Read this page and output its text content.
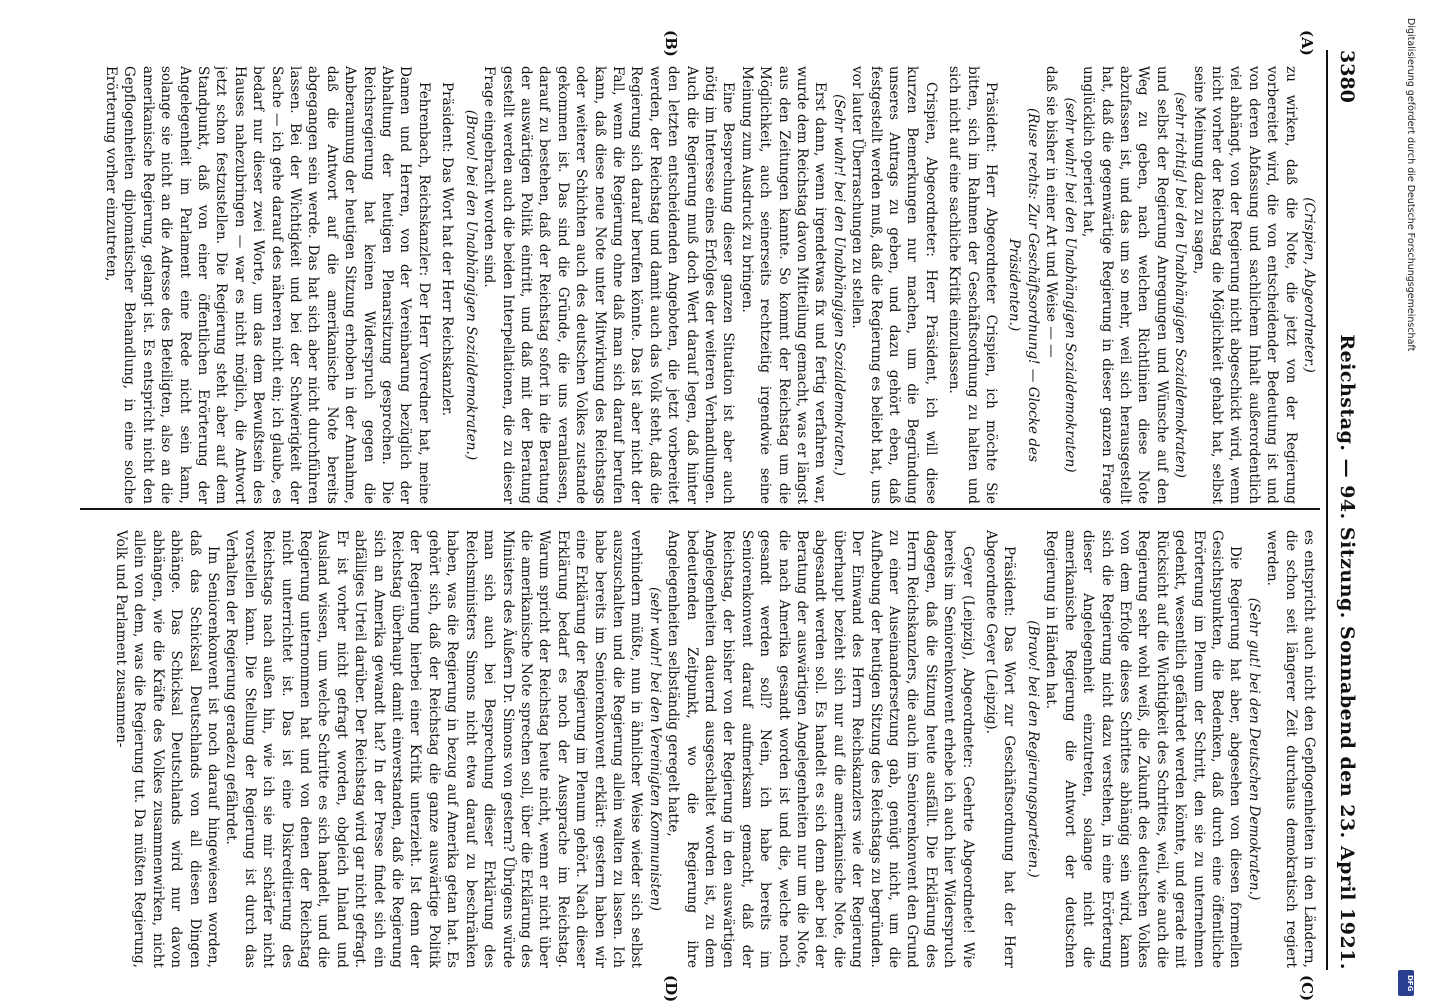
3380
Reichstag. — 94. Sitzung. Sonnabend den 23. April 1921.
(A)
(B)
(C)
(D)

(Crispien, Abgeordneter.)

zu wirken, daß die Note, die jetzt von der Regierung vorbereitet wird, die von entscheidender Bedeutung ist und von deren Abfassung und sachlichem Inhalt außerordentlich viel abhängt, von der Regierung nicht abgeschickt wird, wenn nicht vorher der Reichstag die Möglichkeit gehabt hat, selbst seine Meinung dazu zu sagen,

(sehr richtig! bei den Unabhängigen Sozialdemokraten)

und selbst der Regierung Anregungen und Wünsche auf den Weg zu geben, nach welchen Richtlinien diese Note abzufassen ist, und das um so mehr, weil sich herausgestellt hat, daß die gegenwärtige Regierung in dieser ganzen Frage unglücklich operiert hat,

(sehr wahr! bei den Unabhängigen Sozialdemokraten)

daß sie bisher in einer Art und Weise — —

(Ruse rechts: Zur Geschäftsordnung! — Glocke des Präsidenten.)

Präsident: Herr Abgeordneter Crispien, ich möchte Sie bitten, sich im Rahmen der Geschäftsordnung zu halten und sich nicht auf eine sachliche Kritik einzulassen.

Crispien, Abgeordneter: Herr Präsident, ich will diese kurzen Bemerkungen nur machen, um die Begründung unseres Antrags zu geben, und dazu gehört eben, daß festgestellt werden muß, daß die Regierung es beliebt hat, uns vor lauter Überraschungen zu stellen.

(Sehr wahr! bei den Unabhängigen Sozialdemokraten.)

Erst dann, wenn irgendetwas fix und fertig verfahren war, wurde dem Reichstag davon Mitteilung gemacht, was er längst aus den Zeitungen kannte. So kommt der Reichstag um die Möglichkeit, auch seinerseits rechtzeitig irgendwie seine Meinung zum Ausdruck zu bringen.

Eine Besprechung dieser ganzen Situation ist aber auch nötig im Interesse eines Erfolges der weiteren Verhandlungen. Auch die Regierung muß doch Wert darauf legen, daß hinter den letzten entscheidenden Angeboten, die jetzt vorbereitet werden, der Reichstag und damit auch das Volk steht, daß die Regierung sich darauf berufen könnte. Das ist aber nicht der Fall, wenn die Regierung ohne daß man sich darauf berufen kann, daß diese neue Note unter Mitwirkung des Reichstags oder weiterer Schichten auch des deutschen Volkes zustande gekommen ist. Das sind die Gründe, die uns veranlassen, darauf zu bestehen, daß der Reichstag sofort in die Beratung der auswärtigen Politik eintritt, und daß mit der Beratung gestellt werden auch die beiden Interpellationen, die zu dieser Frage eingebracht worden sind.

(Bravo! bei den Unabhängigen Sozialdemokraten.)

Präsident: Das Wort hat der Herr Reichskanzler.

Fehrenbach, Reichskanzler: Der Herr Vorredner hat, meine Damen und Herren, von der Vereinbarung bezüglich der Abhaltung der heutigen Plenarsitzung gesprochen. Die Reichsregierung hat keinen Widerspruch gegen die Anberaumung der heutigen Sitzung erhoben in der Annahme, daß die Antwort auf die amerikanische Note bereits abgegangen sein werde. Das hat sich aber nicht durchführen lassen. Bei der Wichtigkeit und bei der Schwierigkeit der Sache — ich gehe darauf des näheren nicht ein; ich glaube, es bedarf nur dieser zwei Worte, um das dem Bewußtsein des Hauses nahezubringen — war es nicht möglich, die Antwort jetzt schon festzustellen. Die Regierung steht aber auf dem Standpunkt, daß von einer öffentlichen Erörterung der Angelegenheit im Parlament eine Rede nicht sein kann, solange sie nicht an die Adresse des Beteiligten, also an die amerikanische Regierung, gelangt ist. Es entspricht nicht den Gepflogenheiten diplomatischer Behandlung, in eine solche Erörterung vorher einzutreten,

es entspricht auch nicht den Gepflogenheiten in den Ländern, die schon seit längerer Zeit durchaus demokratisch regiert werden.

(Sehr gut! bei den Deutschen Demokraten.)

Die Regierung hat aber, abgesehen von diesen formellen Gesichtspunkten, die Bedenken, daß durch eine öffentliche Erörterung im Plenum der Schritt, den sie zu unternehmen gedenkt, wesentlich gefährdet werden könnte, und gerade mit Rücksicht auf die Wichtigkeit des Schrittes, weil, wie auch die Regierung sehr wohl weiß, die Zukunft des deutschen Volkes von dem Erfolge dieses Schrittes abhängig sein wird, kann sich die Regierung nicht dazu verstehen, in eine Erörterung dieser Angelegenheit einzutreten, solange nicht die amerikanische Regierung die Antwort der deutschen Regierung in Händen hat.

(Bravo! bei den Regierungsparteien.)

Präsident: Das Wort zur Geschäftsordnung hat der Herr Abgeordnete Geyer (Leipzig).

Geyer (Leipzig), Abgeordneter: Geehrte Abgeordnete! Wie bereits im Seniorenkonvent erhebe ich auch hier Widerspruch dagegen, daß die Sitzung heute ausfällt. Die Erklärung des Herrn Reichskanzlers, die auch im Seniorenkonvent den Grund zu einer Auseinandersetzung gab, genügt nicht, um die Aufhebung der heutigen Sitzung des Reichstags zu begründen. Der Einwand des Herrn Reichskanzlers wie der Regierung überhaupt bezieht sich nur auf die amerikanische Note, die abgesandt werden soll. Es handelt es sich denn aber bei der Beratung der auswärtigen Angelegenheiten nur um die Note, die nach Amerika gesandt worden ist und die, welche noch gesandt werden soll? Nein, ich habe bereits im Seniorenkonvent darauf aufmerksam gemacht, daß der Reichstag, der bisher von der Regierung in den auswärtigen Angelegenheiten dauernd ausgeschaltet worden ist, zu dem bedeutenden Zeitpunkt, wo die Regierung ihre Angelegenheiten selbständig geregelt hatte,

(sehr wahr! bei den Vereinigten Kommunisten)

verhindern müßte, nun in ähnlicher Weise wieder sich selbst auszuschalten und die Regierung allein walten zu lassen. Ich habe bereits im Seniorenkonvent erklärt: gestern haben wir eine Erklärung der Regierung im Plenum gehört. Nach dieser Erklärung bedarf es noch der Aussprache im Reichstag. Warum spricht der Reichstag heute nicht, wenn er nicht über die amerikanische Note sprechen soll, über die Erklärung des Ministers des Äußern Dr. Simons von gestern? Übrigens würde man sich auch bei Besprechung dieser Erklärung des Reichsministers Simons nicht etwa darauf zu beschränken haben, was die Regierung in bezug auf Amerika getan hat. Es gehört sich, daß der Reichstag die ganze auswärtige Politik der Regierung hierbei einer Kritik unterzieht. Ist denn der Reichstag überhaupt damit einverstanden, daß die Regierung sich an Amerika gewandt hat? In der Presse findet sich ein abfälliges Urteil darüber. Der Reichstag wird gar nicht gefragt. Er ist vorher nicht gefragt worden, obgleich Inland und Ausland wissen, um welche Schritte es sich handelt, und die Regierung unternommen hat und von denen der Reichstag nicht unterrichtet ist. Das ist eine Diskreditierung des Reichstags nach außen hin, wie ich sie mir schärfer nicht vorstellen kann. Die Stellung der Regierung ist durch das Verhalten der Regierung geradezu gefährdet.

Im Seniorenkonvent ist noch darauf hingewiesen worden, daß das Schicksal Deutschlands von all diesen Dingen abhänge. Das Schicksal Deutschlands wird nur davon abhängen, wie die Kräfte des Volkes zusammenwirken, nicht allein von dem, was die Regierung tut. Da müßten Regierung, Volk und Parlament zusammen-

Digitalisierung gefördert durch die Deutsche Forschungsgemeinschaft
DFG
